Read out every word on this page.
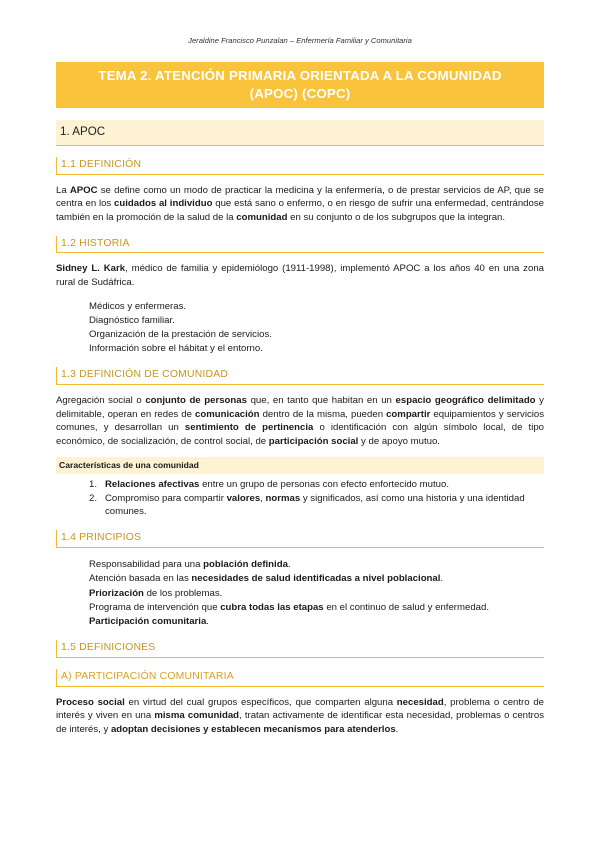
Jeraldine Francisco Punzalan – Enfermería Familiar y Comunitaria
TEMA 2. ATENCIÓN PRIMARIA ORIENTADA A LA COMUNIDAD
(APOC) (COPC)
1. APOC
1.1 DEFINICIÓN

La APOC se define como un modo de practicar la medicina y la enfermería, o de prestar servicios de AP, que se centra en los cuidados al individuo que está sano o enfermo, o en riesgo de sufrir una enfermedad, centrándose también en la promoción de la salud de la comunidad en su conjunto o de los subgrupos que la integran.

1.2 HISTORIA

Sidney L. Kark, médico de familia y epidemiólogo (1911-1998), implementó APOC a los años 40 en una zona rural de Sudáfrica.

Médicos y enfermeras.
Diagnóstico familiar.
Organización de la prestación de servicios.
Información sobre el hábitat y el entorno.
1.3 DEFINICIÓN DE COMUNIDAD

Agregación social o conjunto de personas que, en tanto que habitan en un espacio geográfico delimitado y delimitable, operan en redes de comunicación dentro de la misma, pueden compartir equipamientos y servicios comunes, y desarrollan un sentimiento de pertinencia o identificación con algún símbolo local, de tipo económico, de socialización, de control social, de participación social y de apoyo mutuo.

Características de una comunidad
1. Relaciones afectivas entre un grupo de personas con efecto enfortecido mutuo.
2. Compromiso para compartir valores, normas y significados, así como una historia y una identidad comunes.
1.4 PRINCIPIOS
Responsabilidad para una población definida.
Atención basada en las necesidades de salud identificadas a nivel poblacional.
Priorización de los problemas.
Programa de intervención que cubra todas las etapas en el continuo de salud y enfermedad.
Participación comunitaria.
1.5 DEFINICIONES
A) PARTICIPACIÓN COMUNITARIA

Proceso social en virtud del cual grupos específicos, que comparten alguna necesidad, problema o centro de interés y viven en una misma comunidad, tratan activamente de identificar esta necesidad, problemas o centros de interés, y adoptan decisiones y establecen mecanismos para atenderlos.
